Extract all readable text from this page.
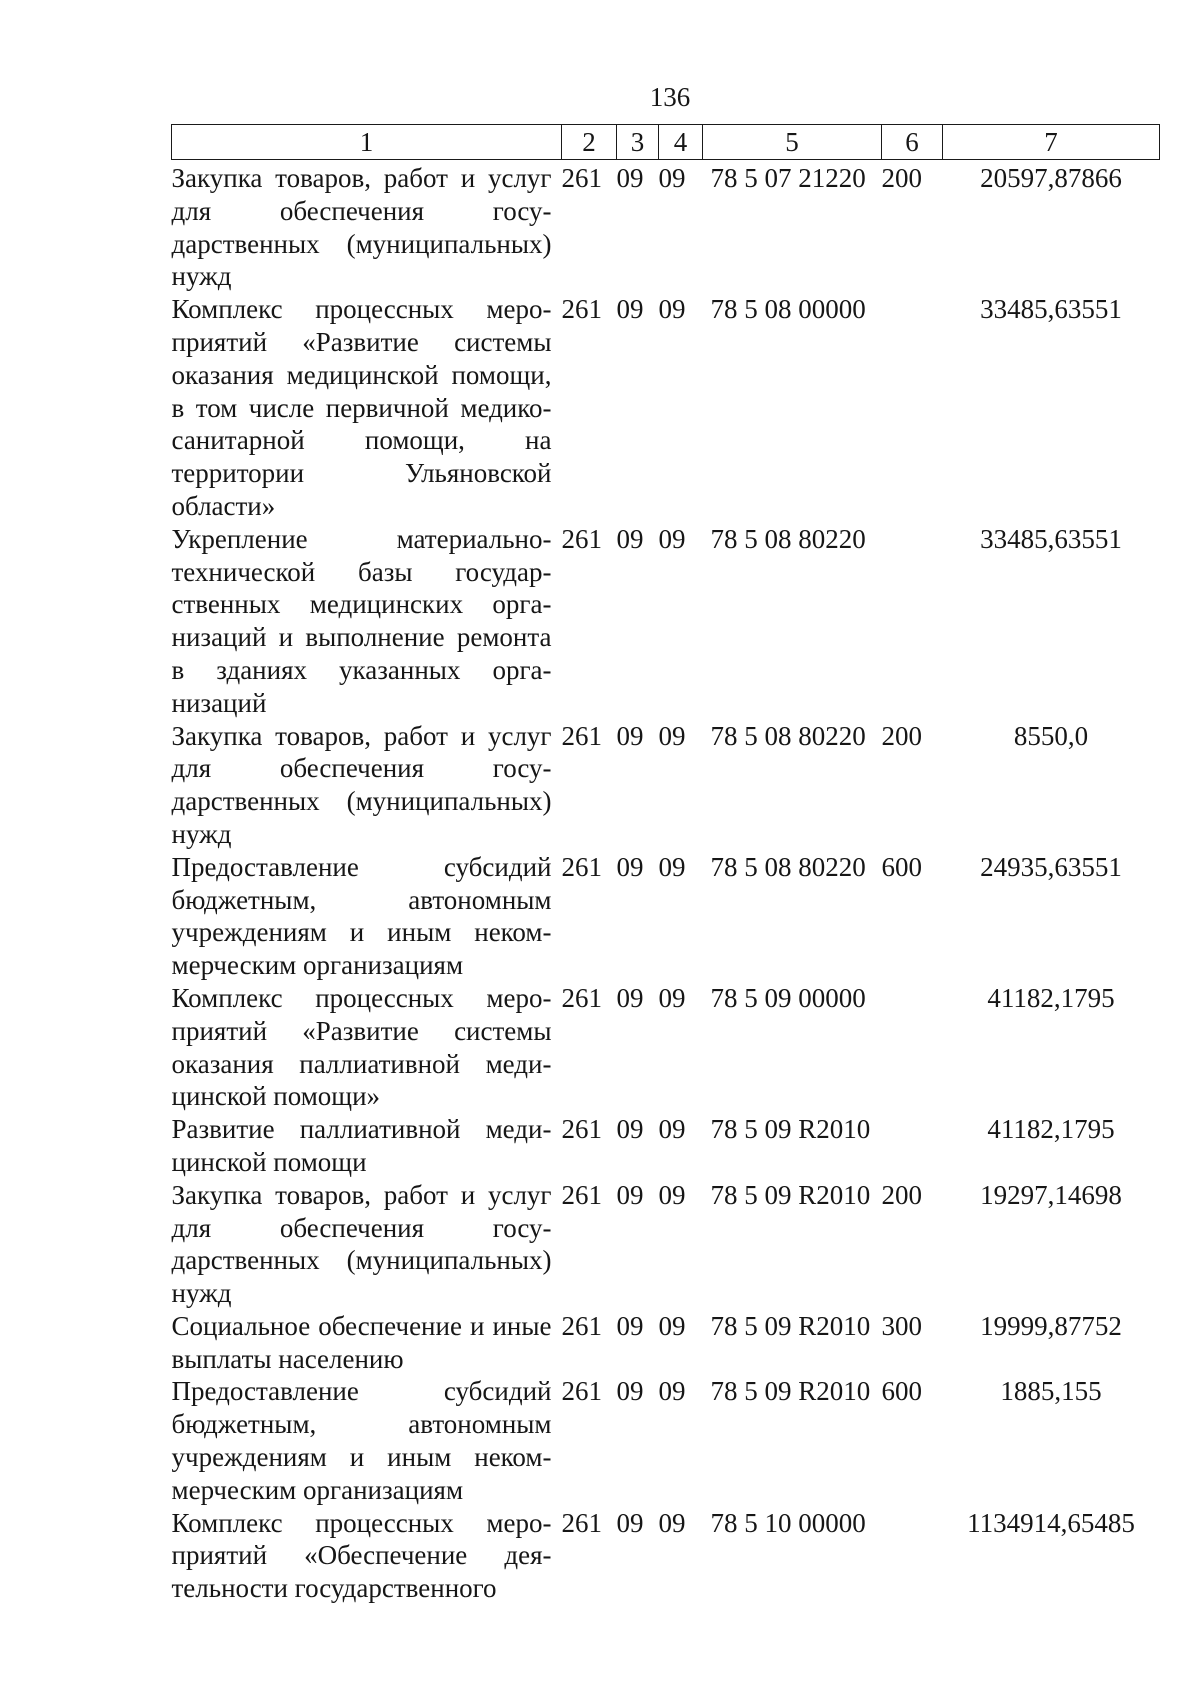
136
1	2	3	4	5	6	7
Закупка товаров, работ и услуг для обеспечения государственных (муниципальных) нужд	261	09	09	78 5 07 21220	200	20597,87866
Комплекс процессных мероприятий «Развитие системы оказания медицинской помощи, в том числе первичной медико-санитарной помощи, на территории Ульяновской области»	261	09	09	78 5 08 00000		33485,63551
Укрепление материально-технической базы государственных медицинских организаций и выполнение ремонта в зданиях указанных организаций	261	09	09	78 5 08 80220		33485,63551
Закупка товаров, работ и услуг для обеспечения государственных (муниципальных) нужд	261	09	09	78 5 08 80220	200	8550,0
Предоставление субсидий бюджетным, автономным учреждениям и иным некоммерческим организациям	261	09	09	78 5 08 80220	600	24935,63551
Комплекс процессных мероприятий «Развитие системы оказания паллиативной медицинской помощи»	261	09	09	78 5 09 00000		41182,1795
Развитие паллиативной медицинской помощи	261	09	09	78 5 09 R2010		41182,1795
Закупка товаров, работ и услуг для обеспечения государственных (муниципальных) нужд	261	09	09	78 5 09 R2010	200	19297,14698
Социальное обеспечение и иные выплаты населению	261	09	09	78 5 09 R2010	300	19999,87752
Предоставление субсидий бюджетным, автономным учреждениям и иным некоммерческим организациям	261	09	09	78 5 09 R2010	600	1885,155
Комплекс процессных мероприятий «Обеспечение деятельности государственного	261	09	09	78 5 10 00000		1134914,65485
